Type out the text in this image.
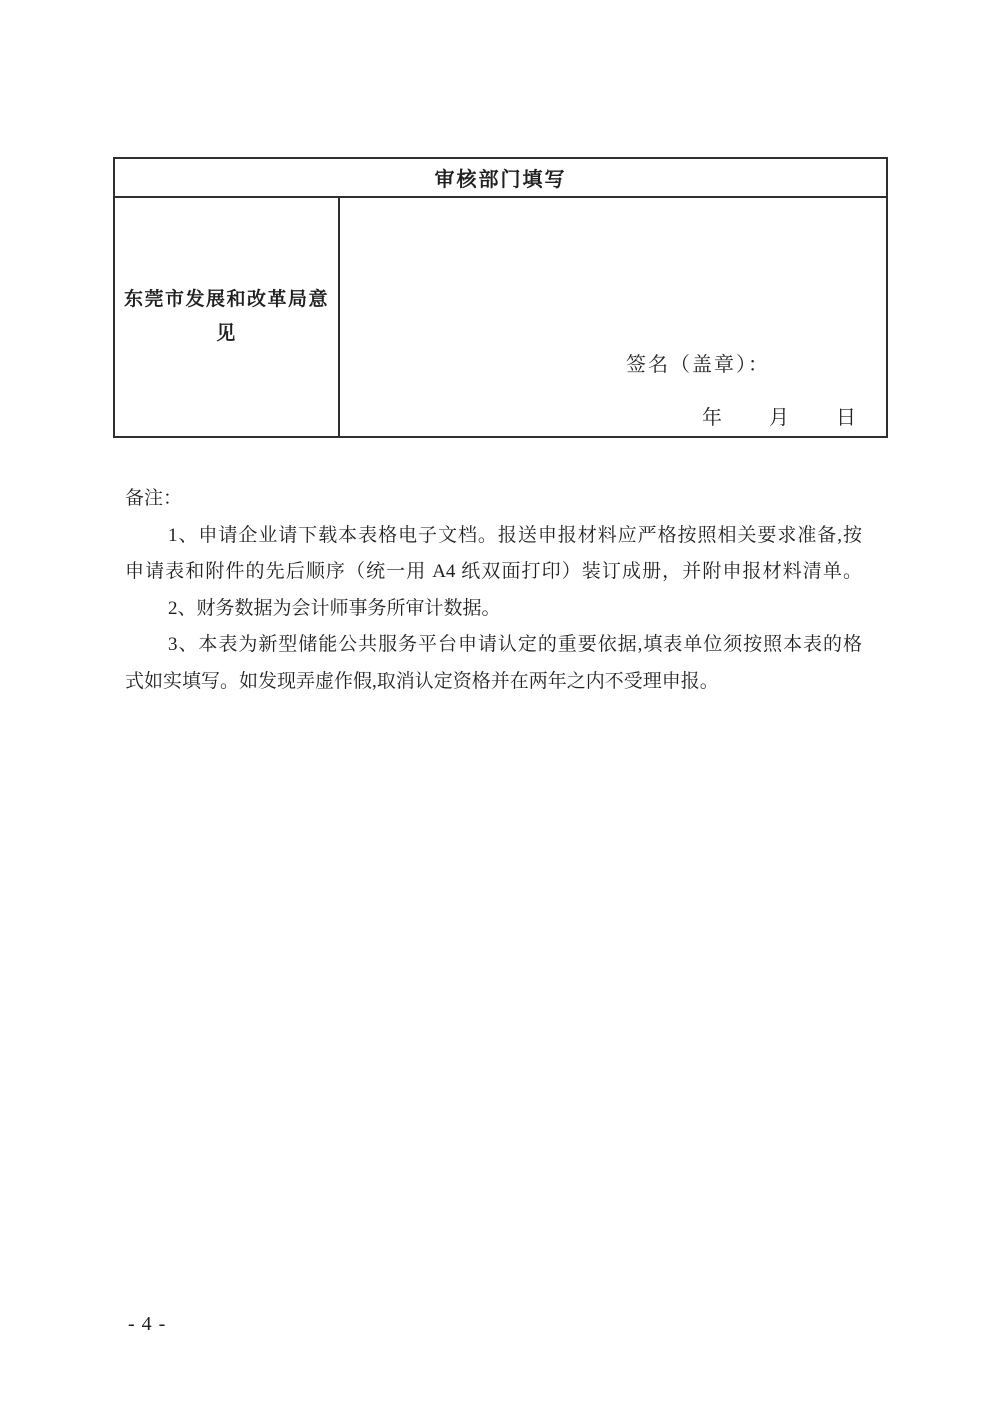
审核部门填写
东莞市发展和改革局意见
签名（盖章）：
年 月 日
备注：
1、申请企业请下载本表格电子文档。报送申报材料应严格按照相关要求准备,按
申请表和附件的先后顺序（统一用 A4 纸双面打印）装订成册，并附申报材料清单。
2、财务数据为会计师事务所审计数据。
3、本表为新型储能公共服务平台申请认定的重要依据,填表单位须按照本表的格
式如实填写。如发现弄虚作假,取消认定资格并在两年之内不受理申报。
- 4 -
